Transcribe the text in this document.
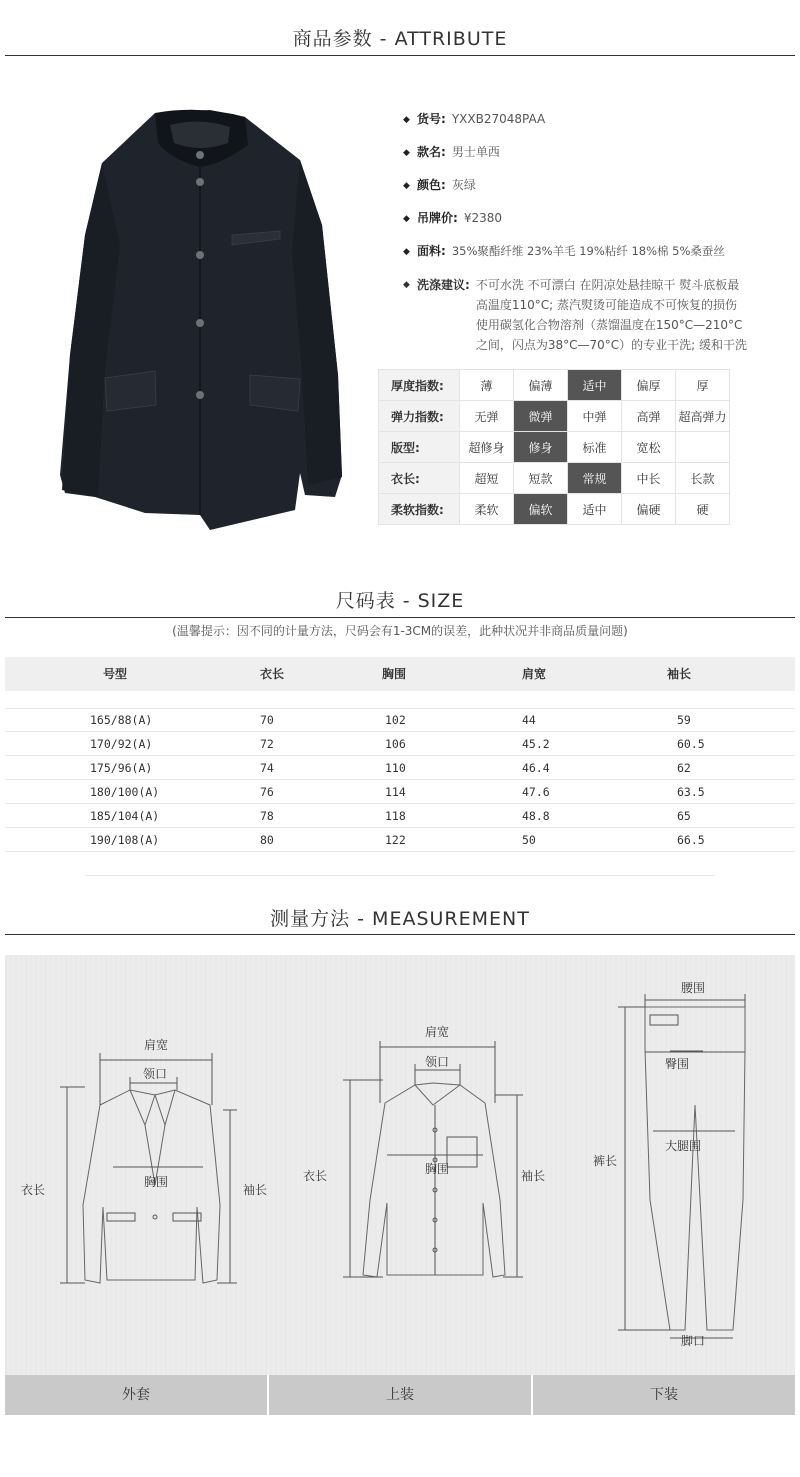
商品参数 - ATTRIBUTE
◆ 货号: YXXB27048PAA
◆ 款名: 男士单西
◆ 颜色: 灰绿
◆ 吊牌价: ¥2380
◆ 面料: 35%聚酯纤维 23%羊毛 19%粘纤 18%棉 5%桑蚕丝
◆ 洗涤建议: 不可水洗 不可漂白 在阴凉处悬挂晾干 熨斗底板最高温度110°C; 蒸汽熨烫可能造成不可恢复的损伤 使用碳氢化合物溶剂（蒸馏温度在150°C—210°C之间，闪点为38°C—70°C）的专业干洗; 缓和干洗
厚度指数:	薄	偏薄	适中	偏厚	厚
弹力指数:	无弹	微弹	中弹	高弹	超高弹力
版型:	超修身	修身	标准	宽松	
衣长:	超短	短款	常规	中长	长款
柔软指数:	柔软	偏软	适中	偏硬	硬
尺码表 - SIZE
(温馨提示：因不同的计量方法，尺码会有1-3CM的误差，此种状况并非商品质量问题)
号型	衣长	胸围	肩宽	袖长
165/88(A)	70	102	44	59
170/92(A)	72	106	45.2	60.5
175/96(A)	74	110	46.4	62
180/100(A)	76	114	47.6	63.5
185/104(A)	78	118	48.8	65
190/108(A)	80	122	50	66.5
测量方法 - MEASUREMENT
肩宽
领口
衣长
胸围
袖长
肩宽
领口
衣长	胸围	袖长
腰围
臀围
大腿围
裤长
脚口
外套	上装	下装
